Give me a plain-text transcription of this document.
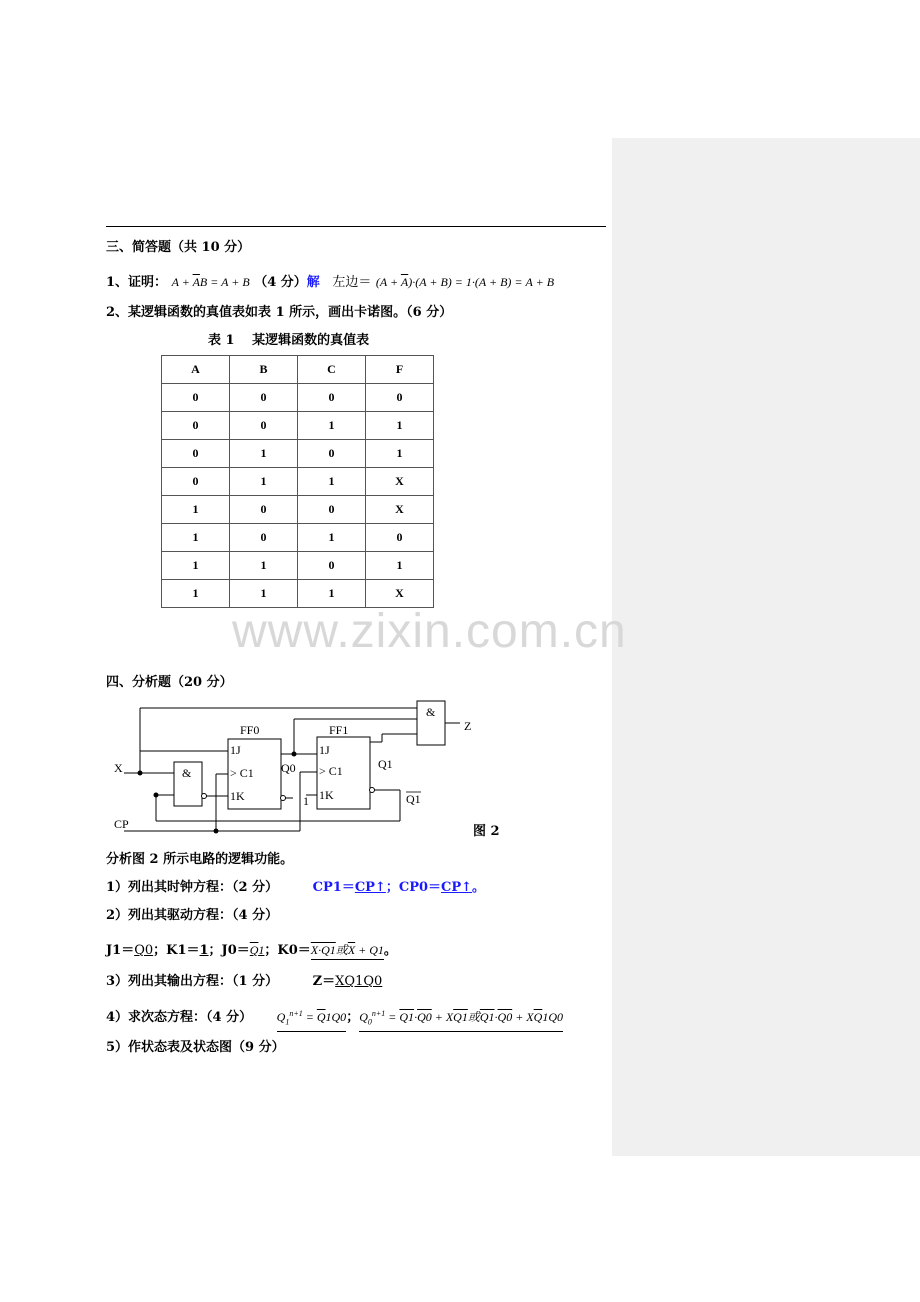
三、简答题（共 10 分）
1、证明： $A + \overline{A}B = A + B$ （4 分）解 左边＝ $(A + \overline{A})\cdot(A + B) = 1\cdot(A + B) = A + B$
2、某逻辑函数的真值表如表 1 所示，画出卡诺图。（6 分）
表 1　 某逻辑函数的真值表
A	B	C	F
0	0	0	0
0	0	1	1
0	1	0	1
0	1	1	X
1	0	0	X
1	0	1	0
1	1	0	1
1	1	1	X
www.zixin.com.cn
四、分析题（20 分）
&
&
FF0	FF1
1J
> C1
1K
1J
> C1
1K
X
CP
Z
Q0	Q1
Q1
1
图 2
分析图 2 所示电路的逻辑功能。
1）列出其时钟方程：（2 分）	CP1＝CP↑；CP0＝CP↑。
2）列出其驱动方程：（4 分）
J1＝Q0；K1＝1；J0＝Q1；K0＝X·Q1或$\overline{X} + Q1$。
3）列出其输出方程：（1 分）	Z＝XQ1Q0
4）求次态方程：（4 分） $Q_1^{n+1} = \overline{Q}1Q0$；$Q_0^{n+1} = Q1\cdot Q0 + XQ1$或$Q1\cdot Q0 + X\overline{Q}1Q0$
5）作状态表及状态图（9 分）
